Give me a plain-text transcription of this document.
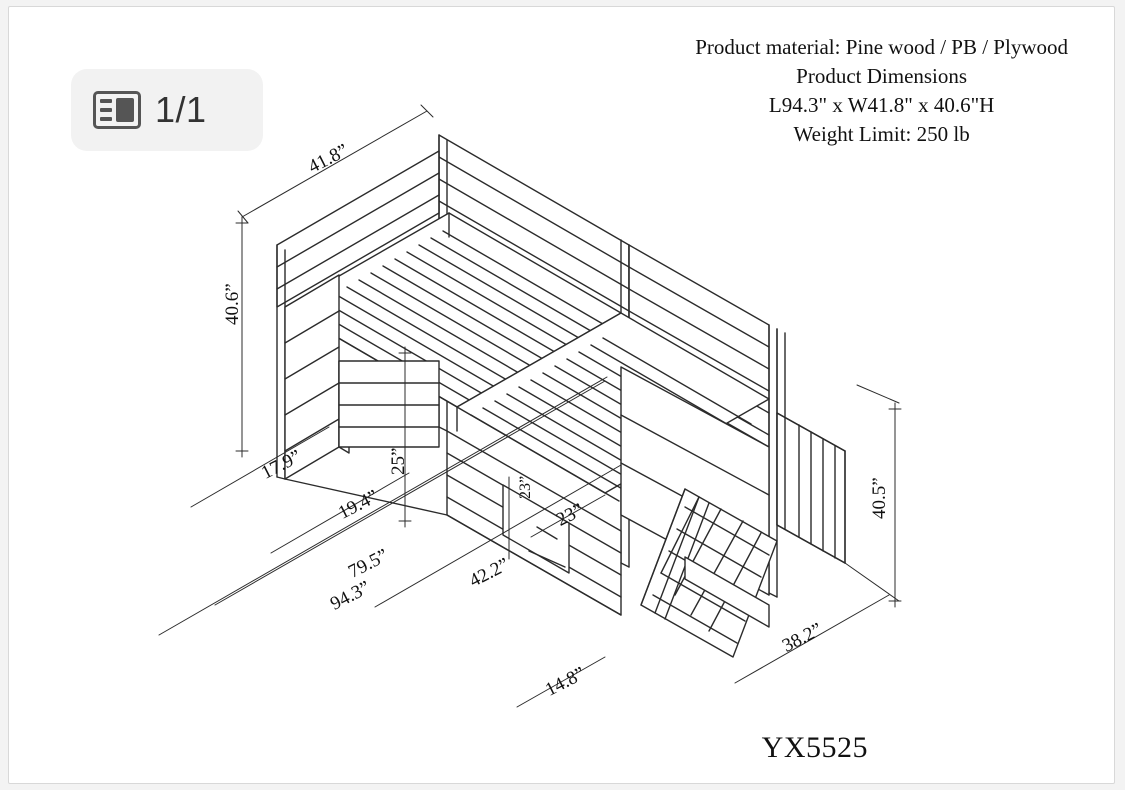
1/1
Product material: Pine wood / PB / Plywood
Product Dimensions
L94.3" x W41.8" x 40.6"H
Weight Limit: 250 lb
YX5525
41.8”
40.6”
25”
17.9”
19.4”
79.5”
94.3”
42.2”
23”
23”
14.8”
38.2”
40.5”
